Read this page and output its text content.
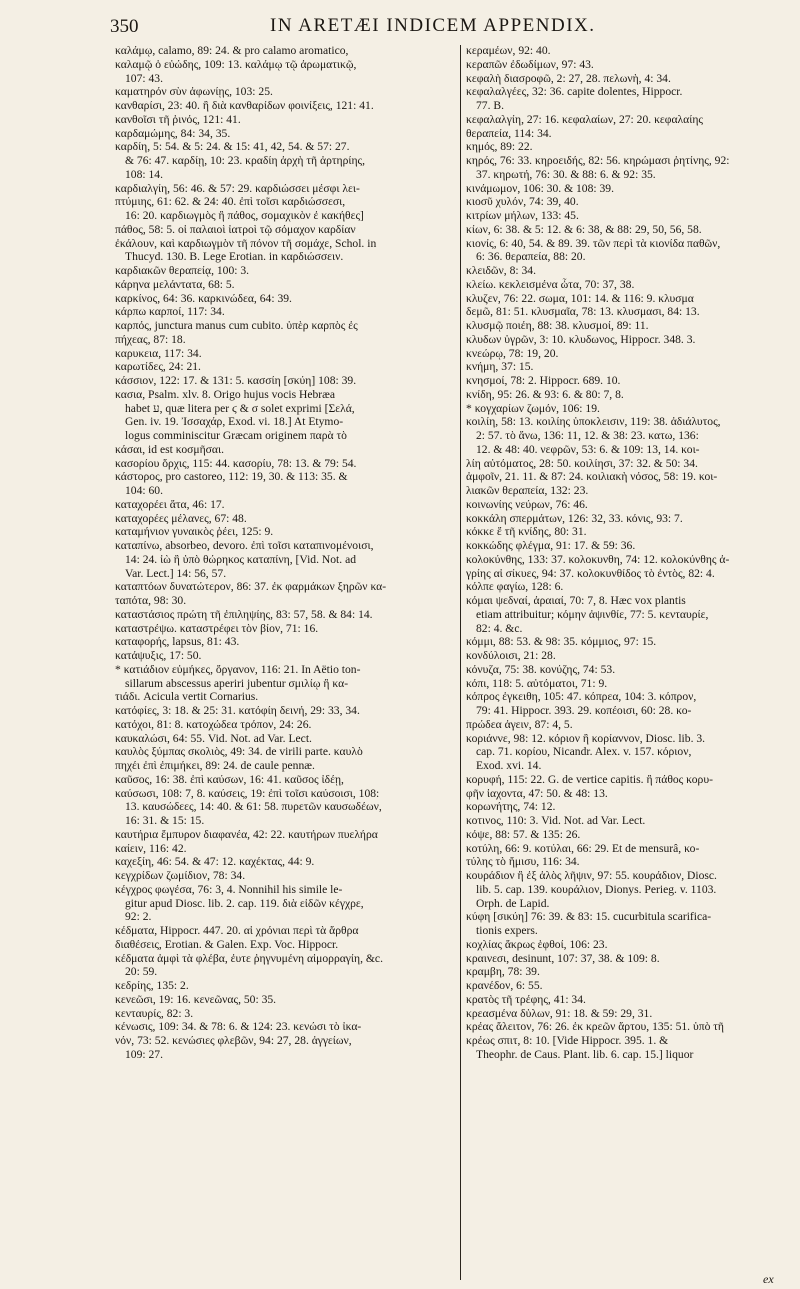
350	IN ARETÆI INDICEM APPENDIX.
καλάμῳ, calamo, 89: 24. & pro calamo aromatico,
καλαμῷ ὁ εὐώδης, 109: 13. καλάμῳ τῷ ἀρωματικῷ,
107: 43.
καματηρόν σὺν ἀφωνίῃς, 103: 25.
κανθαρίσι, 23: 40. ἢ διὰ κανθαρίδων φοινίξεις, 121: 41.
κανθοῖσι τῆ ῥινός, 121: 41.
καρδαμώμης, 84: 34, 35.
καρδίη, 5: 54. & 5: 24. & 15: 41, 42, 54. & 57: 27.
& 76: 47. καρδίῃ, 10: 23. κραδίη ἀρχὴ τῆ ἀρτηρίης,
108: 14.
καρδιαλγίη, 56: 46. & 57: 29. καρδιώσσει μέσφι λει-
πτύμιης, 61: 62. & 24: 40. ἐπὶ τοῖσι καρδιώσσεσι,
16: 20. καρδιωγμὸς ἢ πάθος, σομαχικὸν ἐ κακήθες]
πάθος, 58: 5. οἱ παλαιοὶ ἰατροὶ τῷ σόμαχον καρδίαν
ἐκάλουν, καὶ καρδιωγμὸν τῆ πόνον τῆ σομάχε, Schol. in
Thucyd. 130. B. Lege Erotian. in καρδιώσσειν.
καρδιακῶν θεραπείᾳ, 100: 3.
κάρηνα μελάντατα, 68: 5.
καρκίνος, 64: 36. καρκινώδεα, 64: 39.
κάρπω καρποί, 117: 34.
καρπός, junctura manus cum cubito. ὑπὲρ καρπὸς ἐς
πήχεας, 87: 18.
καρυκεια, 117: 34.
καρωτίδες, 24: 21.
κάσσιον, 122: 17. & 131: 5. κασσίη [σκύη] 108: 39.
κασια, Psalm. xlv. 8. Origo hujus vocis Hebræa
habet ע, quæ litera per ϛ & σ solet exprimi [Σελά,
Gen. iv. 19. Ἰσσαχάρ, Exod. vi. 18.] At Etymo-
logus comminiscitur Græcam originem παρὰ τὸ
κάσαι, id est κοσμῆσαι.
κασορίου ὄρχις, 115: 44. κασορίυ, 78: 13. & 79: 54.
κάστορος, pro castoreo, 112: 19, 30. & 113: 35. &
104: 60.
καταχορέει ἄτα, 46: 17.
καταχορέες μέλανες, 67: 48.
καταμήνιον γυναικὸς ῥέει, 125: 9.
καταπίνω, absorbeo, devoro. ἐπὶ τοῖσι καταπινομένοισι,
14: 24. ἰὼ ἣ ὑπὸ θώρηκος καταπίνη, [Vid. Not. ad
Var. Lect.] 14: 56, 57.
καταπτόων δυνατώτερον, 86: 37. ἐκ φαρμάκων ξηρῶν κα-
ταπότα, 98: 30.
καταστάσιος πρώτη τῆ ἐπιληψίης, 83: 57, 58. & 84: 14.
καταστρέψω. καταστρέφει τὸν βίον, 71: 16.
καταφορής, lapsus, 81: 43.
κατάψυξις, 17: 50.
* κατιάδιον εὐμήκες, ὄργανον, 116: 21. In Aëtio ton-
sillarum abscessus aperiri jubentur σμιλίῳ ἢ κα-
τιάδι. Acicula vertit Cornarius.
κατόφίες, 3: 18. & 25: 31. κατόφίη δεινή, 29: 33, 34.
κατόχοι, 81: 8. κατοχώδεα τρόπον, 24: 26.
καυκαλώσι, 64: 55. Vid. Not. ad Var. Lect.
καυλὸς ξύμπας σκολιὸς, 49: 34. de virili parte. καυλὸ
πηχέι ἐπὶ ἐπιμήκει, 89: 24. de caule pennæ.
καῦσος, 16: 38. ἐπὶ καύσων, 16: 41. καῦσος ἰδέῃ,
καύσωσι, 108: 7, 8. καύσεις, 19: ἐπὶ τοῖσι καύσοισι, 108:
13. καυσώδεες, 14: 40. & 61: 58. πυρετῶν καυσωδέων,
16: 31. & 15: 15.
καυτήρια ἔμπυρον διαφανέα, 42: 22. καυτήρων πυελήρα
καίειν, 116: 42.
καχεξίη, 46: 54. & 47: 12. καχέκτας, 44: 9.
κεγχρίδων ζωμίδιον, 78: 34.
κέγχρος φωγέσα, 76: 3, 4. Nonnihil his simile le-
gitur apud Diosc. lib. 2. cap. 119. διὰ εἰδῶν κέγχρε,
92: 2.
κέδματα, Hippocr. 447. 20. αἱ χρόνιαι περὶ τὰ ἄρθρα
διαθέσεις, Erotian. & Galen. Exp. Voc. Hippocr.
κέδματα ἀμφὶ τὰ φλέβα, ἐυτε ῥηγνυμένη αἱμορραγίη, &c.
20: 59.
κεδρίης, 135: 2.
κενεῶσι, 19: 16. κενεῶνας, 50: 35.
κενταυρίς, 82: 3.
κένωσις, 109: 34. & 78: 6. & 124: 23. κενώσι τὸ ἰκα-
νόν, 73: 52. κενώσιες φλεβῶν, 94: 27, 28. ἀγγείων,
109: 27.
κεραμέων, 92: 40.
κεραπῶν ἐδωδίμων, 97: 43.
κεφαλὴ διασροφῶ, 2: 27, 28. πελωνὴ, 4: 34.
κεφαλαλγέες, 32: 36. capite dolentes, Hippocr.
77. B.
κεφαλαλγίη, 27: 16. κεφαλαίων, 27: 20. κεφαλαίης
θεραπεία, 114: 34.
κημός, 89: 22.
κηρός, 76: 33. κηροειδής, 82: 56. κηρώμασι ῥητίνης, 92:
37. κηρωτή, 76: 30. & 88: 6. & 92: 35.
κινάμωμον, 106: 30. & 108: 39.
κιοσῦ χυλόν, 74: 39, 40.
κιτρίων μήλων, 133: 45.
κίων, 6: 38. & 5: 12. & 6: 38, & 88: 29, 50, 56, 58.
κιονίς, 6: 40, 54. & 89. 39. τῶν περὶ τὰ κιονίδα παθῶν,
6: 36. θεραπεία, 88: 20.
κλειδῶν, 8: 34.
κλείω. κεκλεισμένα ὦτα, 70: 37, 38.
κλυζεν, 76: 22. σωμα, 101: 14. & 116: 9. κλυσμα
δεμῶ, 81: 51. κλυσμαῖα, 78: 13. κλυσμασι, 84: 13.
κλυσμῷ ποιέη, 88: 38. κλυσμοί, 89: 11.
κλυδων ὑγρῶν, 3: 10. κλυδωνος, Hippocr. 348. 3.
κνεώρῳ, 78: 19, 20.
κνήμη, 37: 15.
κνησμοί, 78: 2. Hippocr. 689. 10.
κνίδη, 95: 26. & 93: 6. & 80: 7, 8.
* κογχαρίων ζωμόν, 106: 19.
κοιλίη, 58: 13. κοιλίης ὑποκλεισιν, 119: 38. ἀδιάλυτος,
2: 57. τὸ ἄνω, 136: 11, 12. & 38: 23. κατω, 136:
12. & 48: 40. νεφρῶν, 53: 6. & 109: 13, 14. κοι-
λίη αὐτόματος, 28: 50. κοιλίησι, 37: 32. & 50: 34.
ἀμφοῖν, 21. 11. & 87: 24. κοιλιακὴ νόσος, 58: 19. κοι-
λιακῶν θεραπεία, 132: 23.
κοινωνίης νεύρων, 76: 46.
κοκκάλη σπερμάτων, 126: 32, 33. κόνις, 93: 7.
κόκκε ἔ τῆ κνίδης, 80: 31.
κοκκώδης φλέγμα, 91: 17. & 59: 36.
κολοκύνθης, 133: 37. κολοκυνθη, 74: 12. κολοκύνθης ἀ-
γρίης αἱ σίκυες, 94: 37. κολοκυνθίδος τὸ ἐντὸς, 82: 4.
κόλπε φαγίω, 128: 6.
κόμαι ψεδναί, ἀραιαί, 70: 7, 8. Hæc vox plantis
etiam attribuitur; κόμην ἀψινθίε, 77: 5. κενταυρίε,
82: 4. &c.
κόμμι, 88: 53. & 98: 35. κόμμιος, 97: 15.
κονδύλοισι, 21: 28.
κόνυζα, 75: 38. κονύζης, 74: 53.
κόπι, 118: 5. αὐτόματοι, 71: 9.
κόπρος ἐγκειθη, 105: 47. κόπρεα, 104: 3. κόπρον,
79: 41. Hippocr. 393. 29. κοπέοισι, 60: 28. κο-
πρώδεα ἀγειν, 87: 4, 5.
κοριάννε, 98: 12. κόριον ἢ κορίαννον, Diosc. lib. 3.
cap. 71. κορίου, Nicandr. Alex. v. 157. κόριον,
Exod. xvi. 14.
κορυφή, 115: 22. G. de vertice capitis. ἢ πάθος κορυ-
φῆν ἰαχοντα, 47: 50. & 48: 13.
κορωνήτης, 74: 12.
κοτινος, 110: 3. Vid. Not. ad Var. Lect.
κόψε, 88: 57. & 135: 26.
κοτύλη, 66: 9. κοτύλαι, 66: 29. Et de mensurâ, κο-
τύλης τὸ ἥμισυ, 116: 34.
κουράδιον ἢ ἐξ ἀλὸς λῆψιν, 97: 55. κουράδιον, Diosc.
lib. 5. cap. 139. κουράλιον, Dionys. Perieg. v. 1103.
Orph. de Lapid.
κύφη [σικύη] 76: 39. & 83: 15. cucurbitula scarifica-
tionis expers.
κοχλίας ἄκρως ἑφθοί, 106: 23.
κραινεσι, desinunt, 107: 37, 38. & 109: 8.
κραμβη, 78: 39.
κρανέδον, 6: 55.
κρατὸς τῆ τρέφης, 41: 34.
κρεασμένα δὑλων, 91: 18. & 59: 29, 31.
κρέας ἄλειτον, 76: 26. ἐκ κρεῶν ἄρτου, 135: 51. ὑπὸ τῆ
κρέως σπιτ, 8: 10. [Vide Hippocr. 395. 1. &
Theophr. de Caus. Plant. lib. 6. cap. 15.] liquor
ex
